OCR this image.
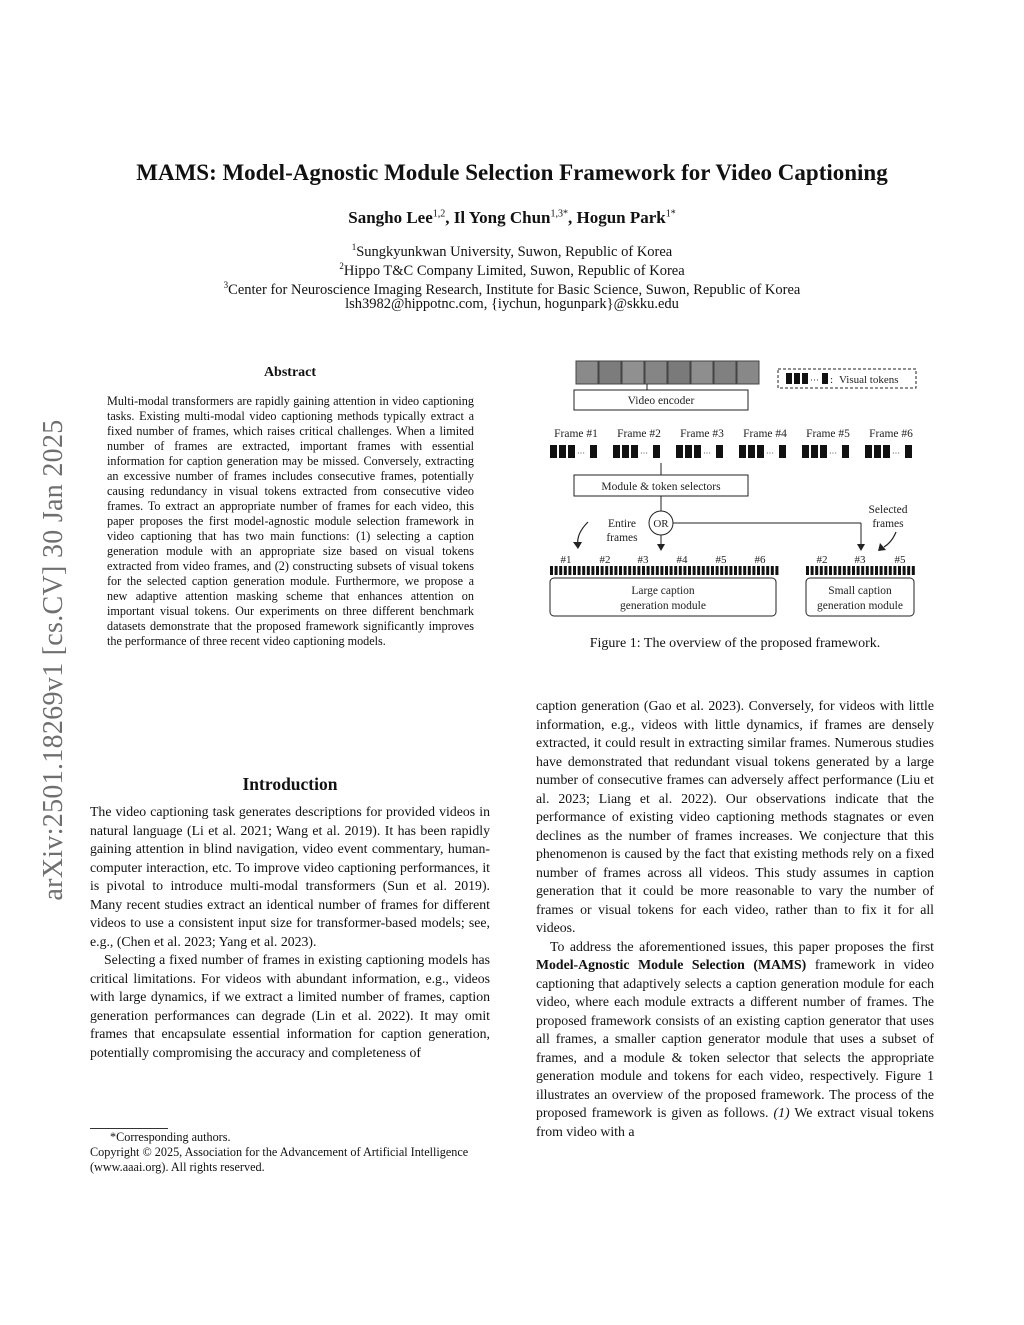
arXiv:2501.18269v1 [cs.CV] 30 Jan 2025
MAMS: Model-Agnostic Module Selection Framework for Video Captioning
Sangho Lee$^{1,2}$, Il Yong Chun$^{1,3*}$, Hogun Park$^{1*}$
$^1$Sungkyunkwan University, Suwon, Republic of Korea
$^2$Hippo T&C Company Limited, Suwon, Republic of Korea
$^3$Center for Neuroscience Imaging Research, Institute for Basic Science, Suwon, Republic of Korea
lsh3982@hippotnc.com, {iychun, hogunpark}@skku.edu
Abstract
Multi-modal transformers are rapidly gaining attention in video captioning tasks. Existing multi-modal video captioning methods typically extract a fixed number of frames, which raises critical challenges. When a limited number of frames are extracted, important frames with essential information for caption generation may be missed. Conversely, extracting an excessive number of frames includes consecutive frames, potentially causing redundancy in visual tokens extracted from consecutive video frames. To extract an appropriate number of frames for each video, this paper proposes the first model-agnostic module selection framework in video captioning that has two main functions: (1) selecting a caption generation module with an appropriate size based on visual tokens extracted from video frames, and (2) constructing subsets of visual tokens for the selected caption generation module. Furthermore, we propose a new adaptive attention masking scheme that enhances attention on important visual tokens. Our experiments on three different benchmark datasets demonstrate that the proposed framework significantly improves the performance of three recent video captioning models.
Introduction

The video captioning task generates descriptions for provided videos in natural language (Li et al. 2021; Wang et al. 2019). It has been rapidly gaining attention in blind navigation, video event commentary, human-computer interaction, etc. To improve video captioning performances, it is pivotal to introduce multi-modal transformers (Sun et al. 2019). Many recent studies extract an identical number of frames for different videos to use a consistent input size for transformer-based models; see, e.g., (Chen et al. 2023; Yang et al. 2023).

Selecting a fixed number of frames in existing captioning models has critical limitations. For videos with abundant information, e.g., videos with large dynamics, if we extract a limited number of frames, caption generation performances can degrade (Lin et al. 2022). It may omit frames that encapsulate essential information for caption generation, potentially compromising the accuracy and completeness of

*Corresponding authors.
Copyright © 2025, Association for the Advancement of Artificial Intelligence (www.aaai.org). All rights reserved.
··· : Visual tokens
Video encoder
Frame #1 Frame #2 Frame #3 Frame #4 Frame #5 Frame #6
···	···	···	···	···	···
Module & token selectors
OR
Entire
frames
Selected
frames
#1	#2 #3	#4	#5	#6	#2 #3	#5
Large caption
generation module
Small caption
generation module
Figure 1: The overview of the proposed framework.

caption generation (Gao et al. 2023). Conversely, for videos with little information, e.g., videos with little dynamics, if frames are densely extracted, it could result in extracting similar frames. Numerous studies have demonstrated that redundant visual tokens generated by a large number of consecutive frames can adversely affect performance (Liu et al. 2023; Liang et al. 2022). Our observations indicate that the performance of existing video captioning methods stagnates or even declines as the number of frames increases. We conjecture that this phenomenon is caused by the fact that existing methods rely on a fixed number of frames across all videos. This study assumes in caption generation that it could be more reasonable to vary the number of frames or visual tokens for each video, rather than to fix it for all videos.

To address the aforementioned issues, this paper proposes the first Model-Agnostic Module Selection (MAMS) framework in video captioning that adaptively selects a caption generation module for each video, where each module extracts a different number of frames. The proposed framework consists of an existing caption generator that uses all frames, a smaller caption generator module that uses a subset of frames, and a module & token selector that selects the appropriate generation module and tokens for each video, respectively. Figure 1 illustrates an overview of the proposed framework. The process of the proposed framework is given as follows. (1) We extract visual tokens from video with a
